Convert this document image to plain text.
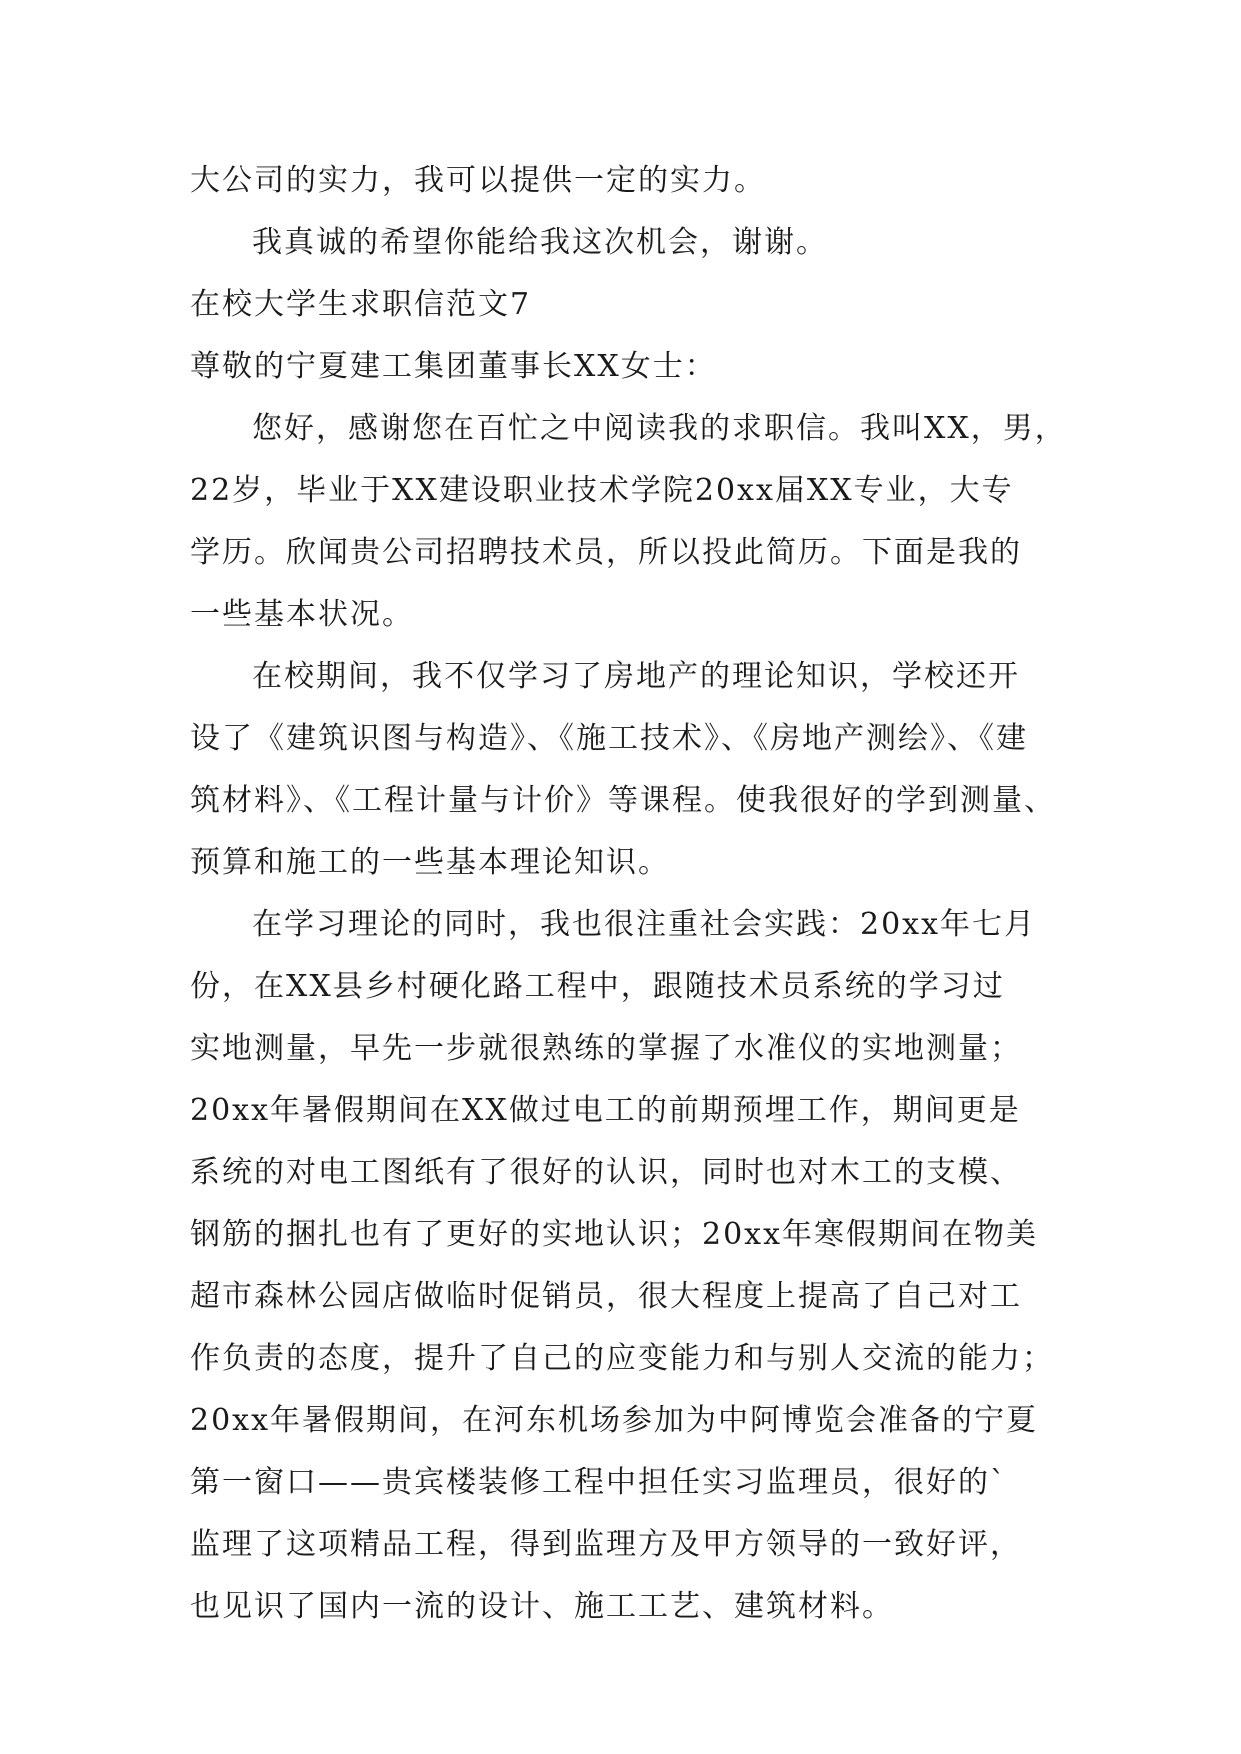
大公司的实力，我可以提供一定的实力。
我真诚的希望你能给我这次机会，谢谢。
在校大学生求职信范文7
尊敬的宁夏建工集团董事长XX女士：
您好，感谢您在百忙之中阅读我的求职信。我叫XX，男，
22岁，毕业于XX建设职业技术学院20xx届XX专业，大专
学历。欣闻贵公司招聘技术员，所以投此简历。下面是我的
一些基本状况。
在校期间，我不仅学习了房地产的理论知识，学校还开
设了《建筑识图与构造》、《施工技术》、《房地产测绘》、《建
筑材料》、《工程计量与计价》等课程。使我很好的学到测量、
预算和施工的一些基本理论知识。
在学习理论的同时，我也很注重社会实践：20xx年七月
份，在XX县乡村硬化路工程中，跟随技术员系统的学习过
实地测量，早先一步就很熟练的掌握了水准仪的实地测量；
20xx年暑假期间在XX做过电工的前期预埋工作，期间更是
系统的对电工图纸有了很好的认识，同时也对木工的支模、
钢筋的捆扎也有了更好的实地认识；20xx年寒假期间在物美
超市森林公园店做临时促销员，很大程度上提高了自己对工
作负责的态度，提升了自己的应变能力和与别人交流的能力；
20xx年暑假期间，在河东机场参加为中阿博览会准备的宁夏
第一窗口——贵宾楼装修工程中担任实习监理员，很好的`
监理了这项精品工程，得到监理方及甲方领导的一致好评，
也见识了国内一流的设计、施工工艺、建筑材料。
